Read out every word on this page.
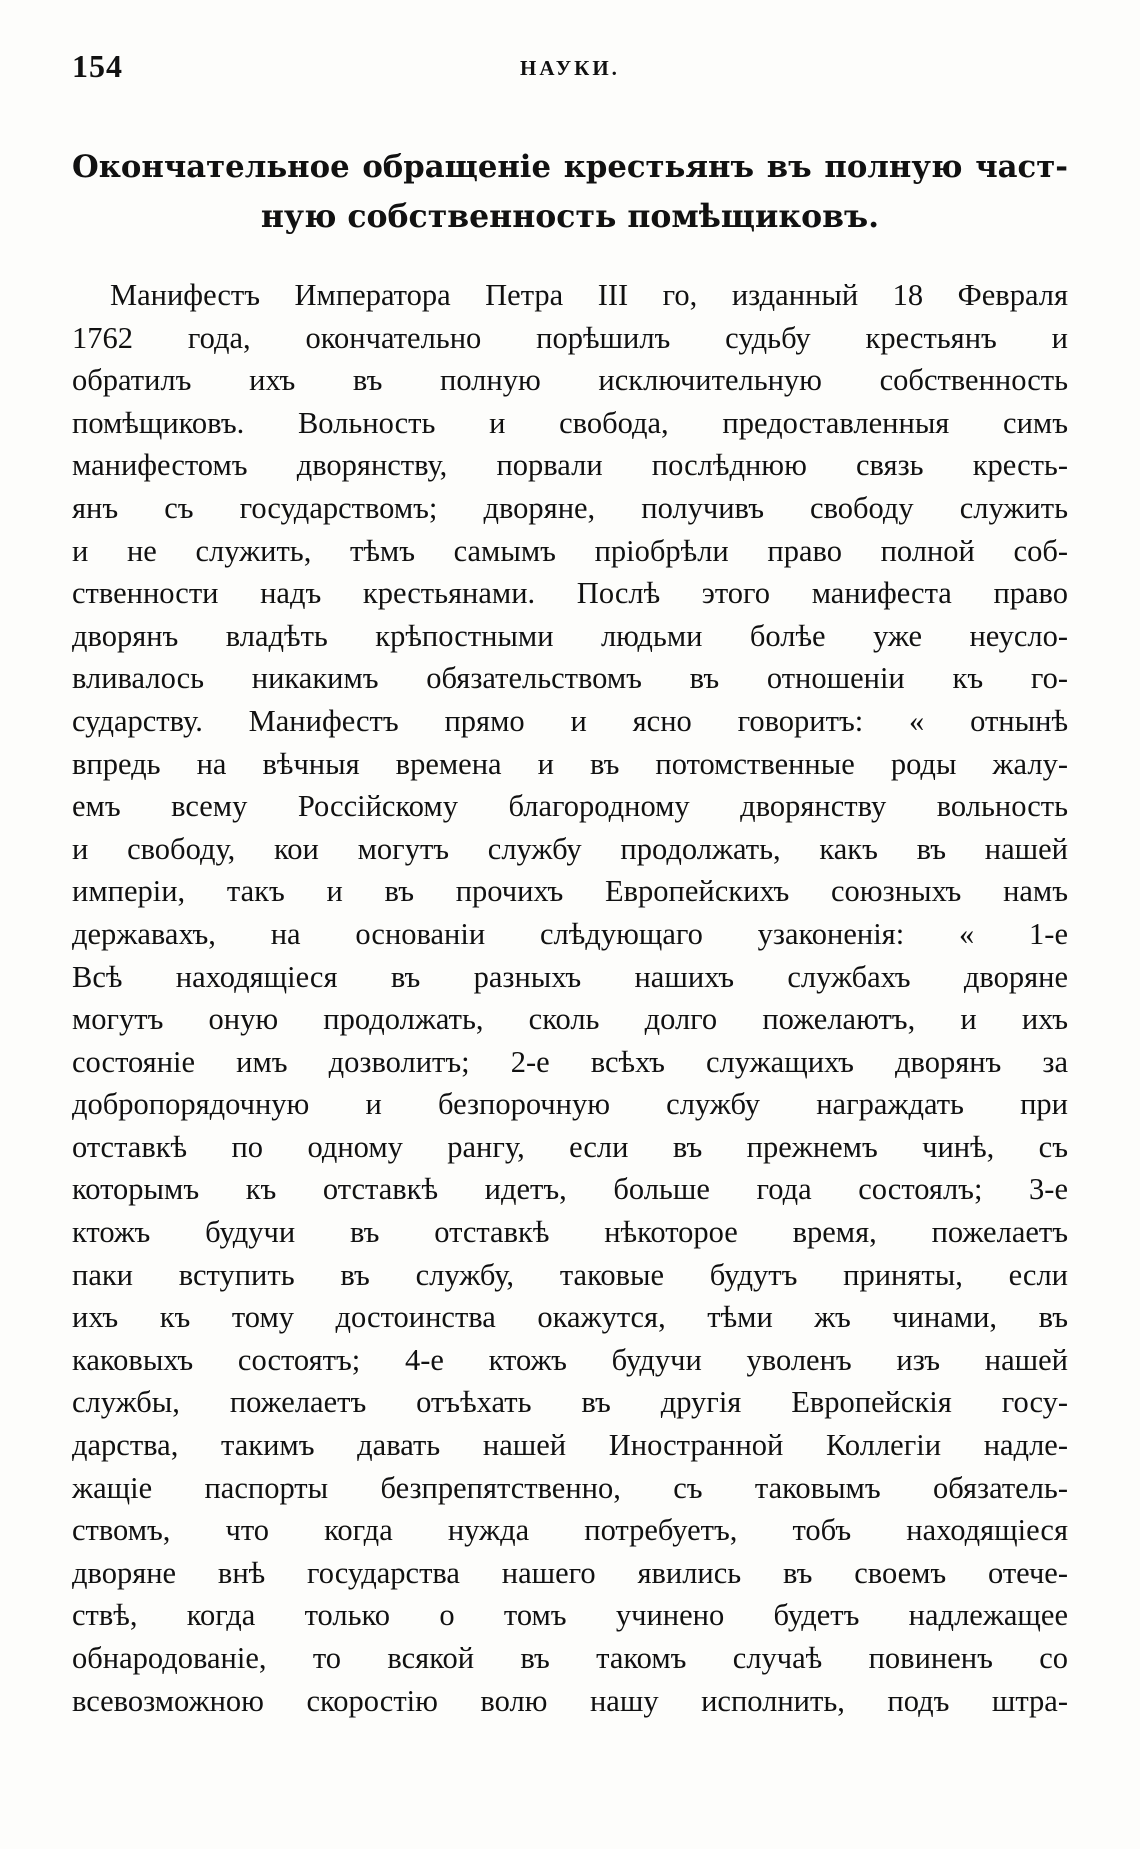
154	НАУКИ.
Окончательное обращеніе крестьянъ въ полную част-
ную собственность помѣщиковъ.
Манифестъ Императора Петра III го, изданный 18 Февраля
1762 года, окончательно порѣшилъ судьбу крестьянъ и
обратилъ ихъ въ полную исключительную собственность
помѣщиковъ. Вольность и свобода, предоставленныя симъ
манифестомъ дворянству, порвали послѣднюю связь кресть-
янъ съ государствомъ; дворяне, получивъ свободу служить
и не служить, тѣмъ самымъ пріобрѣли право полной соб-
ственности надъ крестьянами. Послѣ этого манифеста право
дворянъ владѣть крѣпостными людьми болѣе уже неусло-
вливалось никакимъ обязательствомъ въ отношеніи къ го-
сударству. Манифестъ прямо и ясно говоритъ: « отнынѣ
впредь на вѣчныя времена и въ потомственные роды жалу-
емъ всему Россійскому благородному дворянству вольность
и свободу, кои могутъ службу продолжать, какъ въ нашей
имперіи, такъ и въ прочихъ Европейскихъ союзныхъ намъ
державахъ, на основаніи слѣдующаго узаконенія: « 1-е
Всѣ находящіеся въ разныхъ нашихъ службахъ дворяне
могутъ оную продолжать, сколь долго пожелаютъ, и ихъ
состояніе имъ дозволитъ; 2-е всѣхъ служащихъ дворянъ за
добропорядочную и безпорочную службу награждать при
отставкѣ по одному рангу, если въ прежнемъ чинѣ, съ
которымъ къ отставкѣ идетъ, больше года состоялъ; 3-е
ктожъ будучи въ отставкѣ нѣкоторое время, пожелаетъ
паки вступить въ службу, таковые будутъ приняты, если
ихъ къ тому достоинства окажутся, тѣми жъ чинами, въ
каковыхъ состоятъ; 4-е ктожъ будучи уволенъ изъ нашей
службы, пожелаетъ отъѣхать въ другія Европейскія госу-
дарства, такимъ давать нашей Иностранной Коллегіи надле-
жащіе паспорты безпрепятственно, съ таковымъ обязатель-
ствомъ, что когда нужда потребуетъ, тобъ находящіеся
дворяне внѣ государства нашего явились въ своемъ отече-
ствѣ, когда только о томъ учинено будетъ надлежащее
обнародованіе, то всякой въ такомъ случаѣ повиненъ со
всевозможною скоростію волю нашу исполнить, подъ штра-
